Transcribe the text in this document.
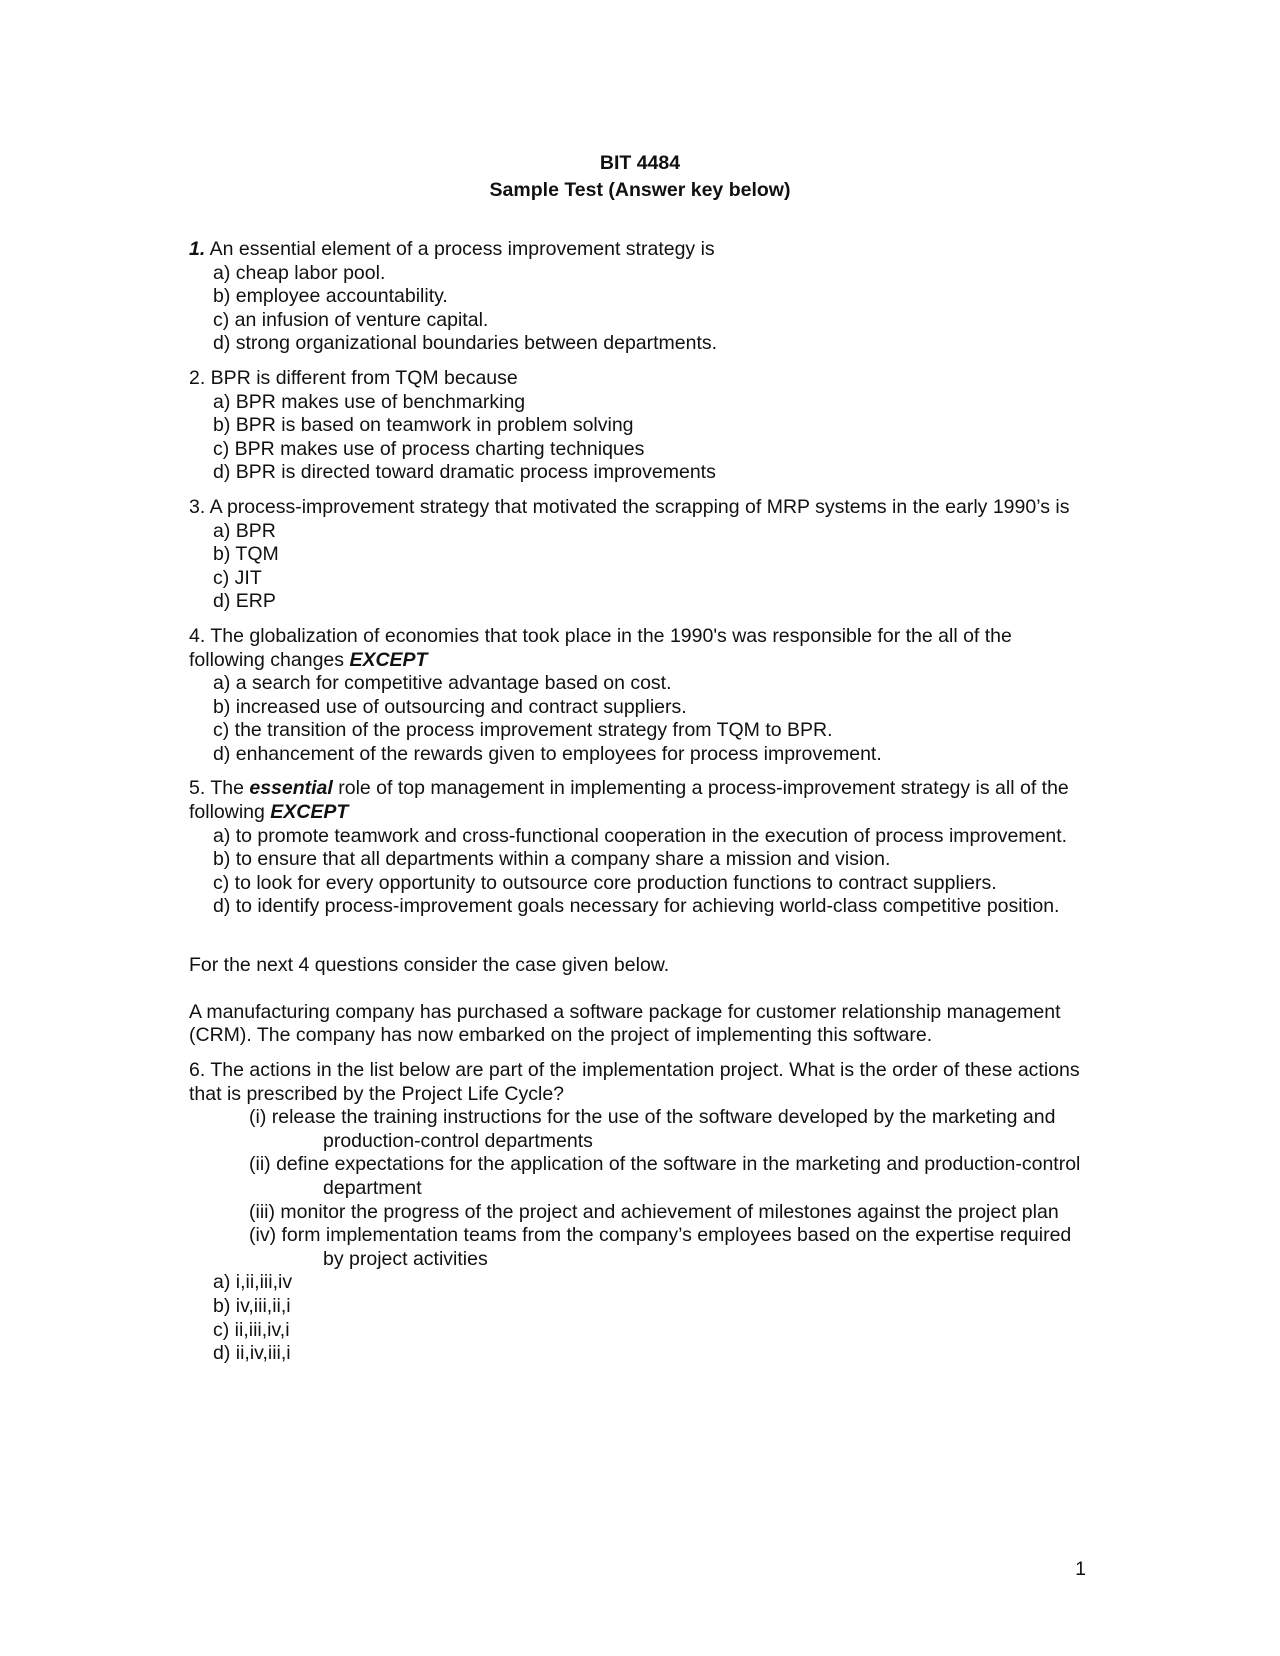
BIT 4484
Sample Test (Answer key below)
1. An essential element of a process improvement strategy is
a) cheap labor pool.
b) employee accountability.
c) an infusion of venture capital.
d) strong organizational boundaries between departments.
2. BPR is different from TQM because
a) BPR makes use of benchmarking
b) BPR is based on teamwork in problem solving
c) BPR makes use of process charting techniques
d) BPR is directed toward dramatic process improvements
3. A process-improvement strategy that motivated the scrapping of MRP systems in the early 1990’s is
a) BPR
b) TQM
c) JIT
d) ERP
4. The globalization of economies that took place in the 1990's was responsible for the all of the following changes EXCEPT
a) a search for competitive advantage based on cost.
b) increased use of outsourcing and contract suppliers.
c) the transition of the process improvement strategy from TQM to BPR.
d) enhancement of the rewards given to employees for process improvement.
5. The essential role of top management in implementing a process-improvement strategy is all of the following EXCEPT
a) to promote teamwork and cross-functional cooperation in the execution of process improvement.
b) to ensure that all departments within a company share a mission and vision.
c) to look for every opportunity to outsource core production functions to contract suppliers.
d) to identify process-improvement goals necessary for achieving world-class competitive position.
For the next 4 questions consider the case given below.
A manufacturing company has purchased a software package for customer relationship management (CRM). The company has now embarked on the project of implementing this software.
6. The actions in the list below are part of the implementation project. What is the order of these actions that is prescribed by the Project Life Cycle?
(i) release the training instructions for the use of the software developed by the marketing and production-control departments
(ii) define expectations for the application of the software in the marketing and production-control department
(iii) monitor the progress of the project and achievement of milestones against the project plan
(iv) form implementation teams from the company’s employees based on the expertise required by project activities
a) i,ii,iii,iv
b) iv,iii,ii,i
c) ii,iii,iv,i
d) ii,iv,iii,i
1
